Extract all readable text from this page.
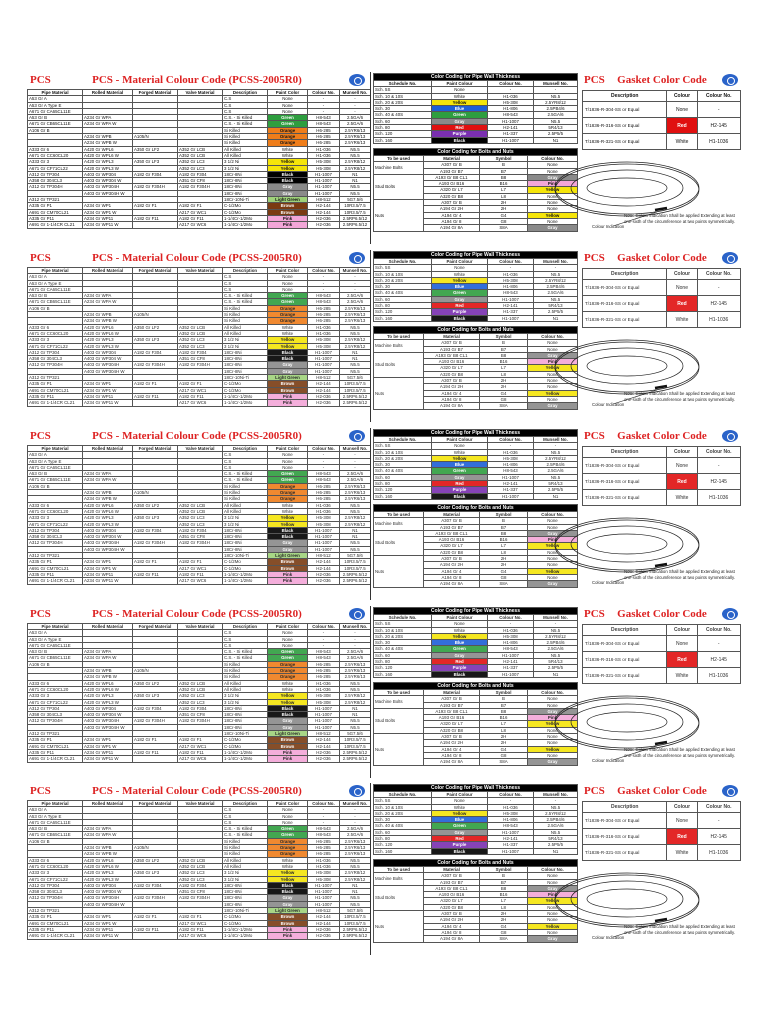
PCS	PCS - Material Colour Code (PCSS-2005R0)
Pipe Material	Rolled Material	Forged Material	Valve Material	Description	Paint Color	Colour No.	Munsell No.
A53 Gr A				C.S	None	-	-
A53 Gr A Type E				C.S	None	-	-
A671 Gr CA65CL11E				C.S	None	-	-
A53 Gr B	A234 Gr WPA			C.S. - Si Killed	Green	H8-543	2.5GA/6
A671 Gr CB65CL11E	A234 Gr WPA W			C.S. - Si Killed	Green	H8-543	2.5GA/6
A106 Gr B				Si Killed	Orange	H6-285	2.5YR6/13
	A234 Gr WPB	A105/N		Si Killed	Orange	H6-285	2.5YR6/13
	A234 Gr WPB W			Si Killed	Orange	H6-285	2.5YR6/13
A333 Gr 6	A420 Gr WPL6	A350 Gr LF2	A352 Gr LCB	All Killed	White	H1-036	N5.5
A671 Gr CC60CL20	A420 Gr WPL6 W		A352 Gr LCB	All Killed	White	H1-036	N5.5
A333 Gr 3	A420 Gr WPL3	A350 Gr LF3	A352 Gr LC3	3 1/2 Ni	Yellow	H5-308	2.5YR8/12
A671 Gr CF71CL22	A420 Gr WPL3 W		A352 Gr LC3	3 1/2 Ni	Yellow	H5-308	2.5YR8/12
A312 Gr TP304	A403 Gr WP304	A182 Gr F304	A182 Gr F304	18Cr-8Ni	Black	H1-1007	N1
A358 Gr 304CL3	A403 Gr WP304 W		A351 Gr CF8	18Cr-8Ni	Black	H1-1007	N1
A312 Gr TP304H	A403 Gr WP304H	A182 Gr F304H	A182 Gr F304H	18Cr-8Ni	Gray	H1-1007	N5.5
	A403 Gr WP304H W			18Cr-8Ni	Gray	H1-1007	N5.5
A312 Gr TP321				18Cr-10Ni-Ti	Light Green	H8-512	5G7.5/6
A335 Gr P1	A234 Gr WP1	A182 Gr F1	A182 Gr F1	C-1/2Mo	Brown	H2-144	10R3.5/7.5
A691 Gr CM70CL21	A234 Gr WP1 W		A217 Gr WC1	C-1/2Mo	Brown	H2-144	10R3.5/7.5
A335 Gr P11	A234 Gr WP11	A182 Gr F11	A182 Gr F11	1-1/4Cr-1/2Mo	Pink	H2-036	2.5RP6.5/12
A691 Gr 1-1/4CR CL21	A234 Gr WP11 W		A217 Gr WC6	1-1/4Cr-1/2Mo	Pink	H2-036	2.5RP6.5/12
Color Coding for Pipe Wall Thickness			
Schedule No.	Paint Colour	Colour No.	Munsell No.
Sch. 5S	None	-	-
Sch. 10 & 10S	White	H1-036	N5.5
Sch. 20 & 20S	Yellow	H5-308	2.5YR8/12
Sch. 30	Blue	H1-806	2.5PB4/6
Sch. 40 & 40S	Green	H8-543	2.5GA/6
Sch. 60	Gray	H1-1007	N5.5
Sch. 80	Red	H2-141	5R4/13
Sch. 120	Purple	H1-337	2.5P5/5
Sch. 160	Black	H1-1007	N1
Color Coding for Bolts and Nuts				
To be used	Material	Symbol	Colour No.	
Machine Bolts	A307 Gr B	B	None	
	A193 Gr B7	B7	None	
Stud Bolts	A193 Gr B8 CL1	B8	Gray	
	A193 Gr B16	B16	Pink	
	A320 Gr L7	L7	Yellow	
	A320 Gr B8	L8	None	
Nuts	A307 Gr B	2H	None	
	A194 Gr 2H	2H	None	
	A194 Gr 4	G4	Yellow	
	A194 Gr 8	G8	None	
	A194 Gr 8A	S8A	Gray	
PCS	Gasket Color Code
Description	Colour	Colour No.
T/1836-R-304-SS or Equal	None	-
T/1836-R-316-SS or Equal	Red	H2-145
T/1836-R-321-SS or Equal	White	H1-1036
Colour Indication
Note: Colour Indication Shall be applied Extending at least one-sixth of the circumference at two points symmetrically.
PCS	PCS - Material Colour Code (PCSS-2005R0)
Pipe Material	Rolled Material	Forged Material	Valve Material	Description	Paint Color	Colour No.	Munsell No.
A53 Gr A				C.S	None	-	-
A53 Gr A Type E				C.S	None	-	-
A671 Gr CA65CL11E				C.S	None	-	-
A53 Gr B	A234 Gr WPA			C.S. - Si Killed	Green	H8-543	2.5GA/6
A671 Gr CB65CL11E	A234 Gr WPA W			C.S. - Si Killed	Green	H8-543	2.5GA/6
A106 Gr B				Si Killed	Orange	H6-285	2.5YR6/13
	A234 Gr WPB	A105/N		Si Killed	Orange	H6-285	2.5YR6/13
	A234 Gr WPB W			Si Killed	Orange	H6-285	2.5YR6/13
A333 Gr 6	A420 Gr WPL6	A350 Gr LF2	A352 Gr LCB	All Killed	White	H1-036	N5.5
A671 Gr CC60CL20	A420 Gr WPL6 W		A352 Gr LCB	All Killed	White	H1-036	N5.5
A333 Gr 3	A420 Gr WPL3	A350 Gr LF3	A352 Gr LC3	3 1/2 Ni	Yellow	H5-308	2.5YR8/12
A671 Gr CF71CL22	A420 Gr WPL3 W		A352 Gr LC3	3 1/2 Ni	Yellow	H5-308	2.5YR8/12
A312 Gr TP304	A403 Gr WP304	A182 Gr F304	A182 Gr F304	18Cr-8Ni	Black	H1-1007	N1
A358 Gr 304CL3	A403 Gr WP304 W		A351 Gr CF8	18Cr-8Ni	Black	H1-1007	N1
A312 Gr TP304H	A403 Gr WP304H	A182 Gr F304H	A182 Gr F304H	18Cr-8Ni	Gray	H1-1007	N5.5
	A403 Gr WP304H W			18Cr-8Ni	Gray	H1-1007	N5.5
A312 Gr TP321				18Cr-10Ni-Ti	Light Green	H8-512	5G7.5/6
A335 Gr P1	A234 Gr WP1	A182 Gr F1	A182 Gr F1	C-1/2Mo	Brown	H2-144	10R3.5/7.5
A691 Gr CM70CL21	A234 Gr WP1 W		A217 Gr WC1	C-1/2Mo	Brown	H2-144	10R3.5/7.5
A335 Gr P11	A234 Gr WP11	A182 Gr F11	A182 Gr F11	1-1/4Cr-1/2Mo	Pink	H2-036	2.5RP6.5/12
A691 Gr 1-1/4CR CL21	A234 Gr WP11 W		A217 Gr WC6	1-1/4Cr-1/2Mo	Pink	H2-036	2.5RP6.5/12
Color Coding for Pipe Wall Thickness			
Schedule No.	Paint Colour	Colour No.	Munsell No.
Sch. 5S	None	-	-
Sch. 10 & 10S	White	H1-036	N5.5
Sch. 20 & 20S	Yellow	H5-308	2.5YR8/12
Sch. 30	Blue	H1-806	2.5PB4/6
Sch. 40 & 40S	Green	H8-543	2.5GA/6
Sch. 60	Gray	H1-1007	N5.5
Sch. 80	Red	H2-141	5R4/13
Sch. 120	Purple	H1-337	2.5P5/5
Sch. 160	Black	H1-1007	N1
Color Coding for Bolts and Nuts				
To be used	Material	Symbol	Colour No.	
Machine Bolts	A307 Gr B	B	None	
	A193 Gr B7	B7	None	
Stud Bolts	A193 Gr B8 CL1	B8	Gray	
	A193 Gr B16	B16	Pink	
	A320 Gr L7	L7	Yellow	
	A320 Gr B8	L8	None	
Nuts	A307 Gr B	2H	None	
	A194 Gr 2H	2H	None	
	A194 Gr 4	G4	Yellow	
	A194 Gr 8	G8	None	
	A194 Gr 8A	S8A	Gray	
PCS	Gasket Color Code
Description	Colour	Colour No.
T/1836-R-304-SS or Equal	None	-
T/1836-R-316-SS or Equal	Red	H2-145
T/1836-R-321-SS or Equal	White	H1-1036
Colour Indication
Note: Colour Indication Shall be applied Extending at least one-sixth of the circumference at two points symmetrically.
PCS	PCS - Material Colour Code (PCSS-2005R0)
Pipe Material	Rolled Material	Forged Material	Valve Material	Description	Paint Color	Colour No.	Munsell No.
A53 Gr A				C.S	None	-	-
A53 Gr A Type E				C.S	None	-	-
A671 Gr CA65CL11E				C.S	None	-	-
A53 Gr B	A234 Gr WPA			C.S. - Si Killed	Green	H8-543	2.5GA/6
A671 Gr CB65CL11E	A234 Gr WPA W			C.S. - Si Killed	Green	H8-543	2.5GA/6
A106 Gr B				Si Killed	Orange	H6-285	2.5YR6/13
	A234 Gr WPB	A105/N		Si Killed	Orange	H6-285	2.5YR6/13
	A234 Gr WPB W			Si Killed	Orange	H6-285	2.5YR6/13
A333 Gr 6	A420 Gr WPL6	A350 Gr LF2	A352 Gr LCB	All Killed	White	H1-036	N5.5
A671 Gr CC60CL20	A420 Gr WPL6 W		A352 Gr LCB	All Killed	White	H1-036	N5.5
A333 Gr 3	A420 Gr WPL3	A350 Gr LF3	A352 Gr LC3	3 1/2 Ni	Yellow	H5-308	2.5YR8/12
A671 Gr CF71CL22	A420 Gr WPL3 W		A352 Gr LC3	3 1/2 Ni	Yellow	H5-308	2.5YR8/12
A312 Gr TP304	A403 Gr WP304	A182 Gr F304	A182 Gr F304	18Cr-8Ni	Black	H1-1007	N1
A358 Gr 304CL3	A403 Gr WP304 W		A351 Gr CF8	18Cr-8Ni	Black	H1-1007	N1
A312 Gr TP304H	A403 Gr WP304H	A182 Gr F304H	A182 Gr F304H	18Cr-8Ni	Gray	H1-1007	N5.5
	A403 Gr WP304H W			18Cr-8Ni	Gray	H1-1007	N5.5
A312 Gr TP321				18Cr-10Ni-Ti	Light Green	H8-512	5G7.5/6
A335 Gr P1	A234 Gr WP1	A182 Gr F1	A182 Gr F1	C-1/2Mo	Brown	H2-144	10R3.5/7.5
A691 Gr CM70CL21	A234 Gr WP1 W		A217 Gr WC1	C-1/2Mo	Brown	H2-144	10R3.5/7.5
A335 Gr P11	A234 Gr WP11	A182 Gr F11	A182 Gr F11	1-1/4Cr-1/2Mo	Pink	H2-036	2.5RP6.5/12
A691 Gr 1-1/4CR CL21	A234 Gr WP11 W		A217 Gr WC6	1-1/4Cr-1/2Mo	Pink	H2-036	2.5RP6.5/12
Color Coding for Pipe Wall Thickness			
Schedule No.	Paint Colour	Colour No.	Munsell No.
Sch. 5S	None	-	-
Sch. 10 & 10S	White	H1-036	N5.5
Sch. 20 & 20S	Yellow	H5-308	2.5YR8/12
Sch. 30	Blue	H1-806	2.5PB4/6
Sch. 40 & 40S	Green	H8-543	2.5GA/6
Sch. 60	Gray	H1-1007	N5.5
Sch. 80	Red	H2-141	5R4/13
Sch. 120	Purple	H1-337	2.5P5/5
Sch. 160	Black	H1-1007	N1
Color Coding for Bolts and Nuts				
To be used	Material	Symbol	Colour No.	
Machine Bolts	A307 Gr B	B	None	
	A193 Gr B7	B7	None	
Stud Bolts	A193 Gr B8 CL1	B8	Gray	
	A193 Gr B16	B16	Pink	
	A320 Gr L7	L7	Yellow	
	A320 Gr B8	L8	None	
Nuts	A307 Gr B	2H	None	
	A194 Gr 2H	2H	None	
	A194 Gr 4	G4	Yellow	
	A194 Gr 8	G8	None	
	A194 Gr 8A	S8A	Gray	
PCS	Gasket Color Code
Description	Colour	Colour No.
T/1836-R-304-SS or Equal	None	-
T/1836-R-316-SS or Equal	Red	H2-145
T/1836-R-321-SS or Equal	White	H1-1036
Colour Indication
Note: Colour Indication Shall be applied Extending at least one-sixth of the circumference at two points symmetrically.
PCS	PCS - Material Colour Code (PCSS-2005R0)
Pipe Material	Rolled Material	Forged Material	Valve Material	Description	Paint Color	Colour No.	Munsell No.
A53 Gr A				C.S	None	-	-
A53 Gr A Type E				C.S	None	-	-
A671 Gr CA65CL11E				C.S	None	-	-
A53 Gr B	A234 Gr WPA			C.S. - Si Killed	Green	H8-543	2.5GA/6
A671 Gr CB65CL11E	A234 Gr WPA W			C.S. - Si Killed	Green	H8-543	2.5GA/6
A106 Gr B				Si Killed	Orange	H6-285	2.5YR6/13
	A234 Gr WPB	A105/N		Si Killed	Orange	H6-285	2.5YR6/13
	A234 Gr WPB W			Si Killed	Orange	H6-285	2.5YR6/13
A333 Gr 6	A420 Gr WPL6	A350 Gr LF2	A352 Gr LCB	All Killed	White	H1-036	N5.5
A671 Gr CC60CL20	A420 Gr WPL6 W		A352 Gr LCB	All Killed	White	H1-036	N5.5
A333 Gr 3	A420 Gr WPL3	A350 Gr LF3	A352 Gr LC3	3 1/2 Ni	Yellow	H5-308	2.5YR8/12
A671 Gr CF71CL22	A420 Gr WPL3 W		A352 Gr LC3	3 1/2 Ni	Yellow	H5-308	2.5YR8/12
A312 Gr TP304	A403 Gr WP304	A182 Gr F304	A182 Gr F304	18Cr-8Ni	Black	H1-1007	N1
A358 Gr 304CL3	A403 Gr WP304 W		A351 Gr CF8	18Cr-8Ni	Black	H1-1007	N1
A312 Gr TP304H	A403 Gr WP304H	A182 Gr F304H	A182 Gr F304H	18Cr-8Ni	Gray	H1-1007	N5.5
	A403 Gr WP304H W			18Cr-8Ni	Gray	H1-1007	N5.5
A312 Gr TP321				18Cr-10Ni-Ti	Light Green	H8-512	5G7.5/6
A335 Gr P1	A234 Gr WP1	A182 Gr F1	A182 Gr F1	C-1/2Mo	Brown	H2-144	10R3.5/7.5
A691 Gr CM70CL21	A234 Gr WP1 W		A217 Gr WC1	C-1/2Mo	Brown	H2-144	10R3.5/7.5
A335 Gr P11	A234 Gr WP11	A182 Gr F11	A182 Gr F11	1-1/4Cr-1/2Mo	Pink	H2-036	2.5RP6.5/12
A691 Gr 1-1/4CR CL21	A234 Gr WP11 W		A217 Gr WC6	1-1/4Cr-1/2Mo	Pink	H2-036	2.5RP6.5/12
Color Coding for Pipe Wall Thickness			
Schedule No.	Paint Colour	Colour No.	Munsell No.
Sch. 5S	None	-	-
Sch. 10 & 10S	White	H1-036	N5.5
Sch. 20 & 20S	Yellow	H5-308	2.5YR8/12
Sch. 30	Blue	H1-806	2.5PB4/6
Sch. 40 & 40S	Green	H8-543	2.5GA/6
Sch. 60	Gray	H1-1007	N5.5
Sch. 80	Red	H2-141	5R4/13
Sch. 120	Purple	H1-337	2.5P5/5
Sch. 160	Black	H1-1007	N1
Color Coding for Bolts and Nuts				
To be used	Material	Symbol	Colour No.	
Machine Bolts	A307 Gr B	B	None	
	A193 Gr B7	B7	None	
Stud Bolts	A193 Gr B8 CL1	B8	Gray	
	A193 Gr B16	B16	Pink	
	A320 Gr L7	L7	Yellow	
	A320 Gr B8	L8	None	
Nuts	A307 Gr B	2H	None	
	A194 Gr 2H	2H	None	
	A194 Gr 4	G4	Yellow	
	A194 Gr 8	G8	None	
	A194 Gr 8A	S8A	Gray	
PCS	Gasket Color Code
Description	Colour	Colour No.
T/1836-R-304-SS or Equal	None	-
T/1836-R-316-SS or Equal	Red	H2-145
T/1836-R-321-SS or Equal	White	H1-1036
Colour Indication
Note: Colour Indication Shall be applied Extending at least one-sixth of the circumference at two points symmetrically.
PCS	PCS - Material Colour Code (PCSS-2005R0)
Pipe Material	Rolled Material	Forged Material	Valve Material	Description	Paint Color	Colour No.	Munsell No.
A53 Gr A				C.S	None	-	-
A53 Gr A Type E				C.S	None	-	-
A671 Gr CA65CL11E				C.S	None	-	-
A53 Gr B	A234 Gr WPA			C.S. - Si Killed	Green	H8-543	2.5GA/6
A671 Gr CB65CL11E	A234 Gr WPA W			C.S. - Si Killed	Green	H8-543	2.5GA/6
A106 Gr B				Si Killed	Orange	H6-285	2.5YR6/13
	A234 Gr WPB	A105/N		Si Killed	Orange	H6-285	2.5YR6/13
	A234 Gr WPB W			Si Killed	Orange	H6-285	2.5YR6/13
A333 Gr 6	A420 Gr WPL6	A350 Gr LF2	A352 Gr LCB	All Killed	White	H1-036	N5.5
A671 Gr CC60CL20	A420 Gr WPL6 W		A352 Gr LCB	All Killed	White	H1-036	N5.5
A333 Gr 3	A420 Gr WPL3	A350 Gr LF3	A352 Gr LC3	3 1/2 Ni	Yellow	H5-308	2.5YR8/12
A671 Gr CF71CL22	A420 Gr WPL3 W		A352 Gr LC3	3 1/2 Ni	Yellow	H5-308	2.5YR8/12
A312 Gr TP304	A403 Gr WP304	A182 Gr F304	A182 Gr F304	18Cr-8Ni	Black	H1-1007	N1
A358 Gr 304CL3	A403 Gr WP304 W		A351 Gr CF8	18Cr-8Ni	Black	H1-1007	N1
A312 Gr TP304H	A403 Gr WP304H	A182 Gr F304H	A182 Gr F304H	18Cr-8Ni	Gray	H1-1007	N5.5
	A403 Gr WP304H W			18Cr-8Ni	Gray	H1-1007	N5.5
A312 Gr TP321				18Cr-10Ni-Ti	Light Green	H8-512	5G7.5/6
A335 Gr P1	A234 Gr WP1	A182 Gr F1	A182 Gr F1	C-1/2Mo	Brown	H2-144	10R3.5/7.5
A691 Gr CM70CL21	A234 Gr WP1 W		A217 Gr WC1	C-1/2Mo	Brown	H2-144	10R3.5/7.5
A335 Gr P11	A234 Gr WP11	A182 Gr F11	A182 Gr F11	1-1/4Cr-1/2Mo	Pink	H2-036	2.5RP6.5/12
A691 Gr 1-1/4CR CL21	A234 Gr WP11 W		A217 Gr WC6	1-1/4Cr-1/2Mo	Pink	H2-036	2.5RP6.5/12
Color Coding for Pipe Wall Thickness			
Schedule No.	Paint Colour	Colour No.	Munsell No.
Sch. 5S	None	-	-
Sch. 10 & 10S	White	H1-036	N5.5
Sch. 20 & 20S	Yellow	H5-308	2.5YR8/12
Sch. 30	Blue	H1-806	2.5PB4/6
Sch. 40 & 40S	Green	H8-543	2.5GA/6
Sch. 60	Gray	H1-1007	N5.5
Sch. 80	Red	H2-141	5R4/13
Sch. 120	Purple	H1-337	2.5P5/5
Sch. 160	Black	H1-1007	N1
Color Coding for Bolts and Nuts				
To be used	Material	Symbol	Colour No.	
Machine Bolts	A307 Gr B	B	None	
	A193 Gr B7	B7	None	
Stud Bolts	A193 Gr B8 CL1	B8	Gray	
	A193 Gr B16	B16	Pink	
	A320 Gr L7	L7	Yellow	
	A320 Gr B8	L8	None	
Nuts	A307 Gr B	2H	None	
	A194 Gr 2H	2H	None	
	A194 Gr 4	G4	Yellow	
	A194 Gr 8	G8	None	
	A194 Gr 8A	S8A	Gray	
PCS	Gasket Color Code
Description	Colour	Colour No.
T/1836-R-304-SS or Equal	None	-
T/1836-R-316-SS or Equal	Red	H2-145
T/1836-R-321-SS or Equal	White	H1-1036
Colour Indication
Note: Colour Indication Shall be applied Extending at least one-sixth of the circumference at two points symmetrically.
